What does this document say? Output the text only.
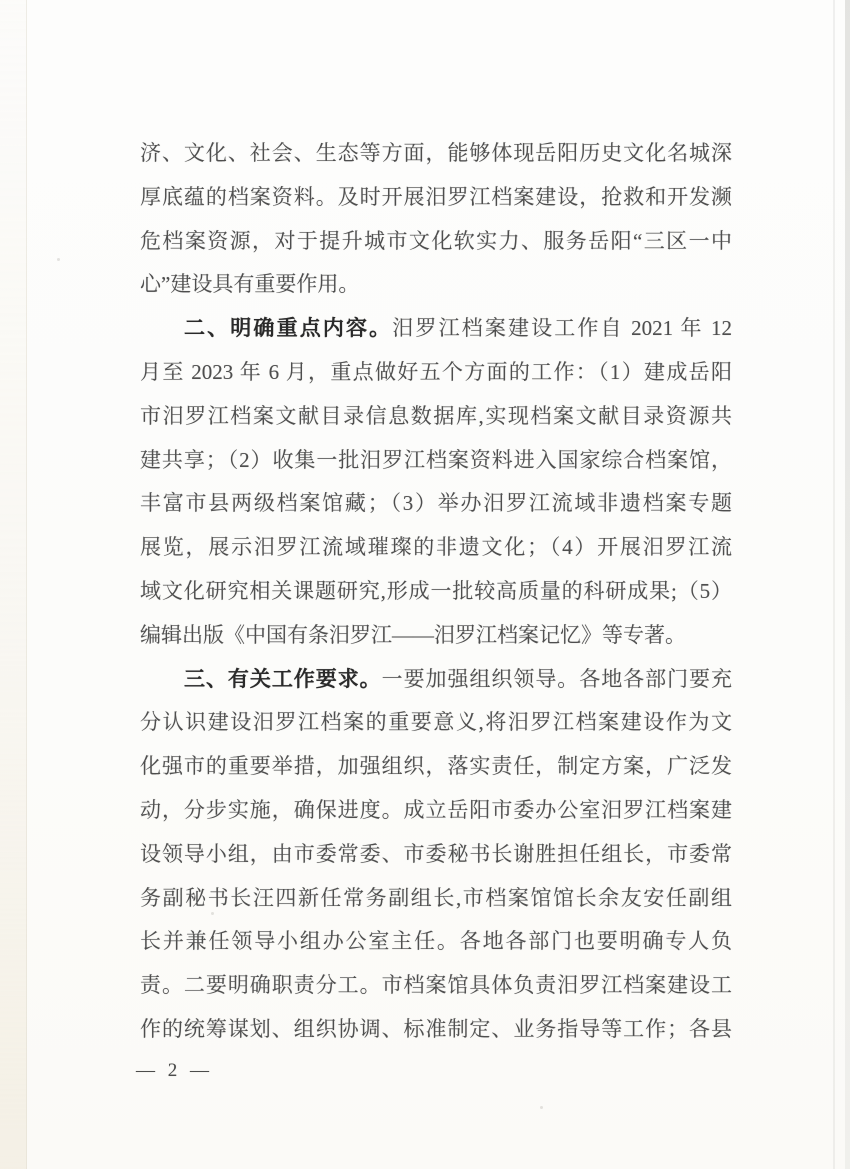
济、文化、社会、生态等方面，能够体现岳阳历史文化名城深
厚底蕴的档案资料。及时开展汨罗江档案建设，抢救和开发濒
危档案资源，对于提升城市文化软实力、服务岳阳“三区一中
心”建设具有重要作用。
二、明确重点内容。汨罗江档案建设工作自 2021 年 12
月至 2023 年 6 月，重点做好五个方面的工作：（1）建成岳阳
市汨罗江档案文献目录信息数据库,实现档案文献目录资源共
建共享；（2）收集一批汨罗江档案资料进入国家综合档案馆，
丰富市县两级档案馆藏；（3）举办汨罗江流域非遗档案专题
展览，展示汨罗江流域璀璨的非遗文化；（4）开展汨罗江流
域文化研究相关课题研究,形成一批较高质量的科研成果;（5）
编辑出版《中国有条汨罗江——汨罗江档案记忆》等专著。
三、有关工作要求。一要加强组织领导。各地各部门要充
分认识建设汨罗江档案的重要意义,将汨罗江档案建设作为文
化强市的重要举措，加强组织，落实责任，制定方案，广泛发
动，分步实施，确保进度。成立岳阳市委办公室汨罗江档案建
设领导小组，由市委常委、市委秘书长谢胜担任组长，市委常
务副秘书长汪四新任常务副组长,市档案馆馆长余友安任副组
长并兼任领导小组办公室主任。各地各部门也要明确专人负
责。二要明确职责分工。市档案馆具体负责汨罗江档案建设工
作的统筹谋划、组织协调、标准制定、业务指导等工作；各县
— 2 —
